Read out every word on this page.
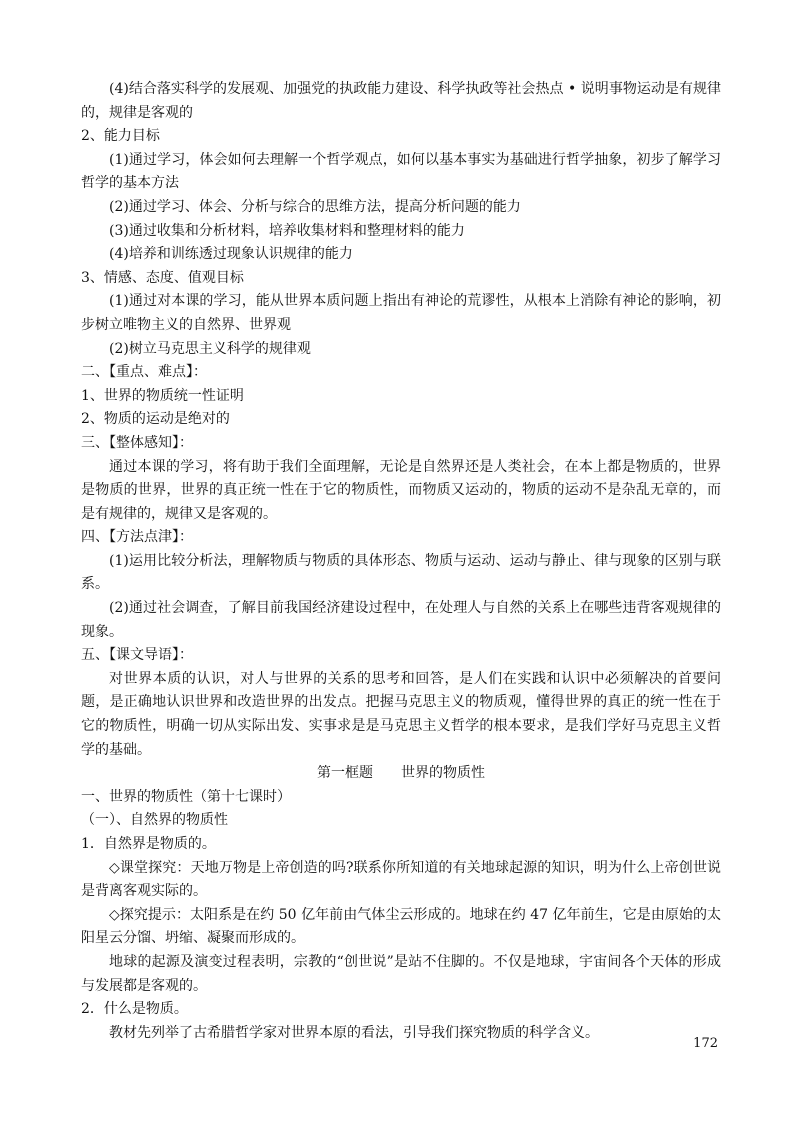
(4)结合落实科学的发展观、加强党的执政能力建设、科学执政等社会热点 • 说明事物运动是有规律的，规律是客观的

2、能力目标

(1)通过学习，体会如何去理解一个哲学观点，如何以基本事实为基础进行哲学抽象，初步了解学习哲学的基本方法

(2)通过学习、体会、分析与综合的思维方法，提高分析问题的能力

(3)通过收集和分析材料，培养收集材料和整理材料的能力

(4)培养和训练透过现象认识规律的能力

3、情感、态度、值观目标

(1)通过对本课的学习，能从世界本质问题上指出有神论的荒谬性，从根本上消除有神论的影响，初步树立唯物主义的自然界、世界观

(2)树立马克思主义科学的规律观

二、【重点、难点】：

1、世界的物质统一性证明

2、物质的运动是绝对的

三、【整体感知】：

通过本课的学习，将有助于我们全面理解，无论是自然界还是人类社会，在本上都是物质的，世界是物质的世界，世界的真正统一性在于它的物质性，而物质又运动的，物质的运动不是杂乱无章的，而是有规律的，规律又是客观的。

四、【方法点津】：

(1)运用比较分析法，理解物质与物质的具体形态、物质与运动、运动与静止、律与现象的区别与联系。

(2)通过社会调查，了解目前我国经济建设过程中，在处理人与自然的关系上在哪些违背客观规律的现象。

五、【课文导语】：

对世界本质的认识，对人与世界的关系的思考和回答，是人们在实践和认识中必须解决的首要问题，是正确地认识世界和改造世界的出发点。把握马克思主义的物质观，懂得世界的真正的统一性在于它的物质性，明确一切从实际出发、实事求是是马克思主义哲学的根本要求，是我们学好马克思主义哲学的基础。

第一框题　　世界的物质性

一、世界的物质性（第十七课时）

（一）、自然界的物质性

1．自然界是物质的。

◇课堂探究：天地万物是上帝创造的吗?联系你所知道的有关地球起源的知识，明为什么上帝创世说是背离客观实际的。

◇探究提示：太阳系是在约 50 亿年前由气体尘云形成的。地球在约 47 亿年前生，它是由原始的太阳星云分馏、坍缩、凝聚而形成的。

地球的起源及演变过程表明，宗教的“创世说”是站不住脚的。不仅是地球，宇宙间各个天体的形成与发展都是客观的。

2．什么是物质。

教材先列举了古希腊哲学家对世界本原的看法，引导我们探究物质的科学含义。

172
